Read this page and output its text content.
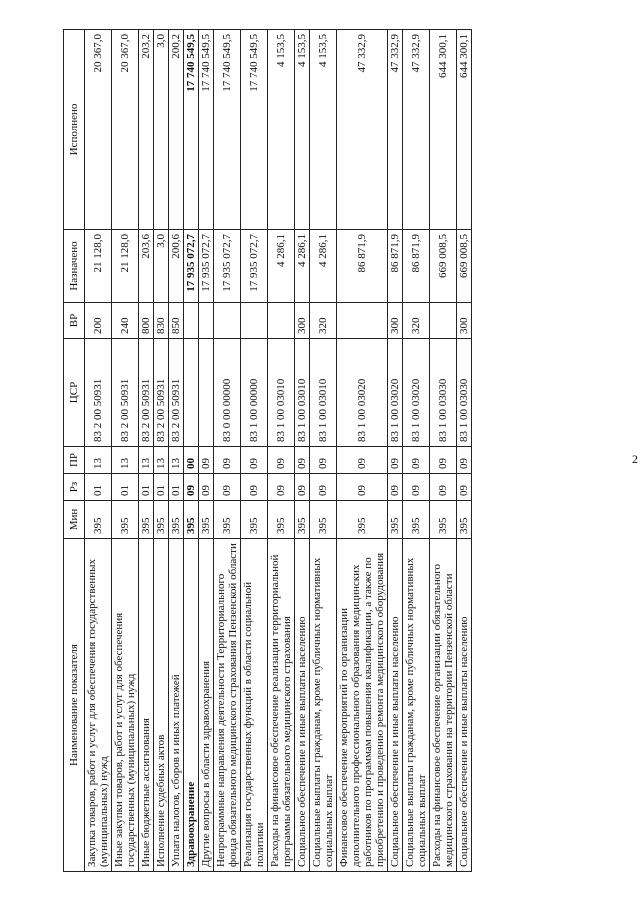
2
Наименование показателя	Мин	Рз	ПР	ЦСР	ВР	Назначено	Исполнено
Закупка товаров, работ и услуг для обеспечения государственных (муниципальных) нужд	395	01	13	83 2 00 50931	200	21 128,0	20 367,0
Иные закупки товаров, работ и услуг для обеспечения государственных (муниципальных) нужд	395	01	13	83 2 00 50931	240	21 128,0	20 367,0
Иные бюджетные ассигнования	395	01	13	83 2 00 50931	800	203,6	203,2
Исполнение судебных актов	395	01	13	83 2 00 50931	830	3,0	3,0
Уплата налогов, сборов и иных платежей	395	01	13	83 2 00 50931	850	200,6	200,2
Здравоохранение	395	09	00			17 935 072,7	17 740 549,5
Другие вопросы в области здравоохранения	395	09	09			17 935 072,7	17 740 549,5
Непрограммные направления деятельности Территориального фонда обязательного медицинского страхования Пензенской области	395	09	09	83 0 00 00000		17 935 072,7	17 740 549,5
Реализация государственных функций в области социальной политики	395	09	09	83 1 00 00000		17 935 072,7	17 740 549,5
Расходы на финансовое обеспечение реализации территориальной программы обязательного медицинского страхования	395	09	09	83 1 00 03010		4 286,1	4 153,5
Социальное обеспечение и иные выплаты населению	395	09	09	83 1 00 03010	300	4 286,1	4 153,5
Социальные выплаты гражданам, кроме публичных нормативных социальных выплат	395	09	09	83 1 00 03010	320	4 286,1	4 153,5
Финансовое обеспечение мероприятий по организации дополнительного профессионального образования медицинских работников по программам повышения квалификации, а также по приобретению и проведению ремонта медицинского оборудования	395	09	09	83 1 00 03020		86 871,9	47 332,9
Социальное обеспечение и иные выплаты населению	395	09	09	83 1 00 03020	300	86 871,9	47 332,9
Социальные выплаты гражданам, кроме публичных нормативных социальных выплат	395	09	09	83 1 00 03020	320	86 871,9	47 332,9
Расходы на финансовое обеспечение организации обязательного медицинского страхования на территории Пензенской области	395	09	09	83 1 00 03030		669 008,5	644 300,1
Социальное обеспечение и иные выплаты населению	395	09	09	83 1 00 03030	300	669 008,5	644 300,1
